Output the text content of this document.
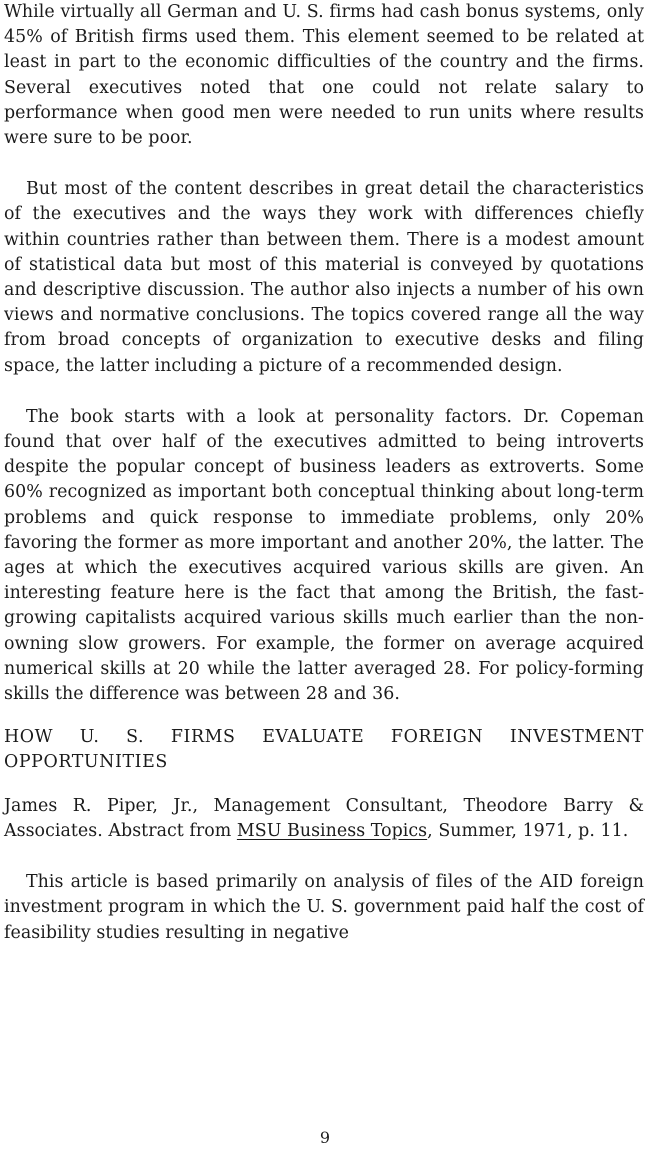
While virtually all German and U. S. firms had cash bonus systems, only 45% of British firms used them. This element seemed to be related at least in part to the economic difficulties of the country and the firms. Several executives noted that one could not relate salary to performance when good men were needed to run units where results were sure to be poor.

But most of the content describes in great detail the characteristics of the executives and the ways they work with differences chiefly within countries rather than between them. There is a modest amount of statistical data but most of this material is conveyed by quotations and descriptive discussion. The author also injects a number of his own views and normative conclusions. The topics covered range all the way from broad concepts of organization to executive desks and filing space, the latter including a picture of a recommended design.

The book starts with a look at personality factors. Dr. Copeman found that over half of the executives admitted to being introverts despite the popular concept of business leaders as extroverts. Some 60% recognized as important both conceptual thinking about long-term problems and quick response to immediate problems, only 20% favoring the former as more important and another 20%, the latter. The ages at which the executives acquired various skills are given. An interesting feature here is the fact that among the British, the fast-growing capitalists acquired various skills much earlier than the non-owning slow growers. For example, the former on average acquired numerical skills at 20 while the latter averaged 28. For policy-forming skills the difference was between 28 and 36.

HOW U. S. FIRMS EVALUATE FOREIGN INVESTMENT OPPORTUNITIES

James R. Piper, Jr., Management Consultant, Theodore Barry & Associates. Abstract from MSU Business Topics, Summer, 1971, p. 11.

This article is based primarily on analysis of files of the AID foreign investment program in which the U. S. government paid half the cost of feasibility studies resulting in negative

9
